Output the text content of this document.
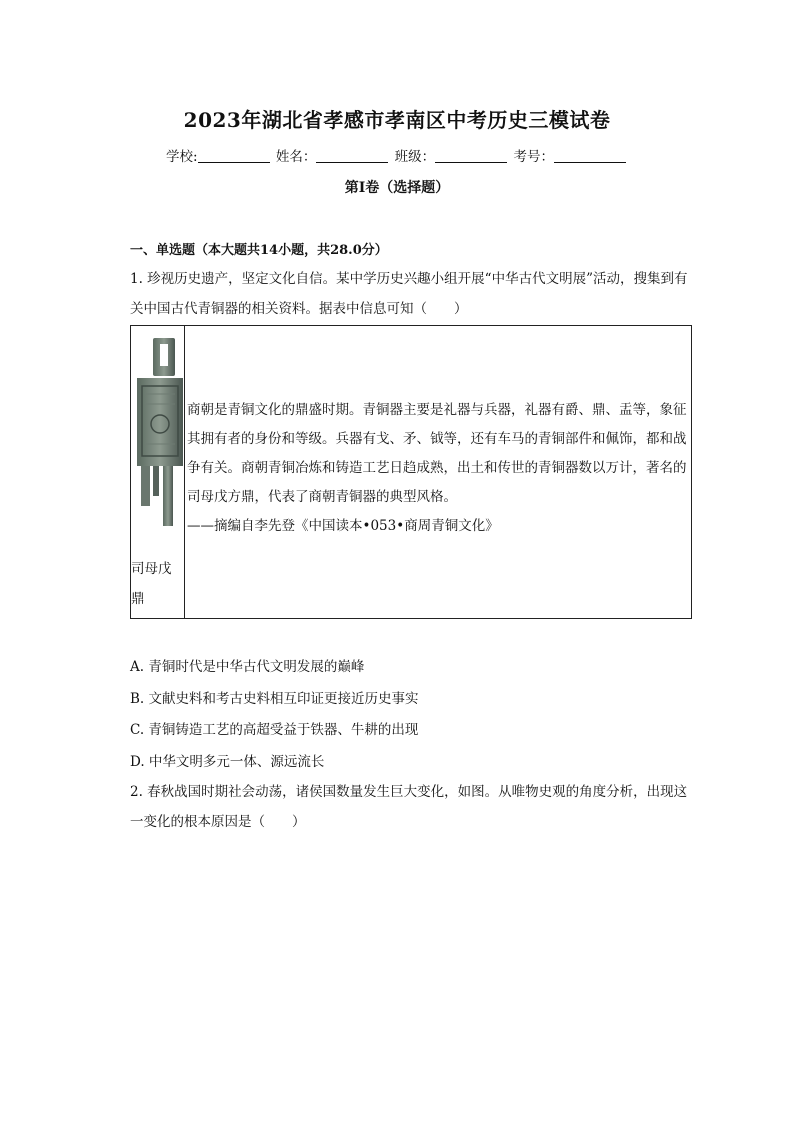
2023年湖北省孝感市孝南区中考历史三模试卷
学校:	姓名：	班级：	考号：
第I卷（选择题）
一、单选题（本大题共14小题，共28.0分）
1. 珍视历史遗产，坚定文化自信。某中学历史兴趣小组开展“中华古代文明展”活动，搜集到有关中国古代青铜器的相关资料。据表中信息可知（　　）
司母戊鼎
商朝是青铜文化的鼎盛时期。青铜器主要是礼器与兵器，礼器有爵、鼎、盂等，象征其拥有者的身份和等级。兵器有戈、矛、钺等，还有车马的青铜部件和佩饰，都和战争有关。商朝青铜冶炼和铸造工艺日趋成熟，出土和传世的青铜器数以万计，著名的司母戊方鼎，代表了商朝青铜器的典型风格。
——摘编自李先登《中国读本•053•商周青铜文化》
A. 青铜时代是中华古代文明发展的巅峰
B. 文献史料和考古史料相互印证更接近历史事实
C. 青铜铸造工艺的高超受益于铁器、牛耕的出现
D. 中华文明多元一体、源远流长
2. 春秋战国时期社会动荡，诸侯国数量发生巨大变化，如图。从唯物史观的角度分析，出现这一变化的根本原因是（　　）
